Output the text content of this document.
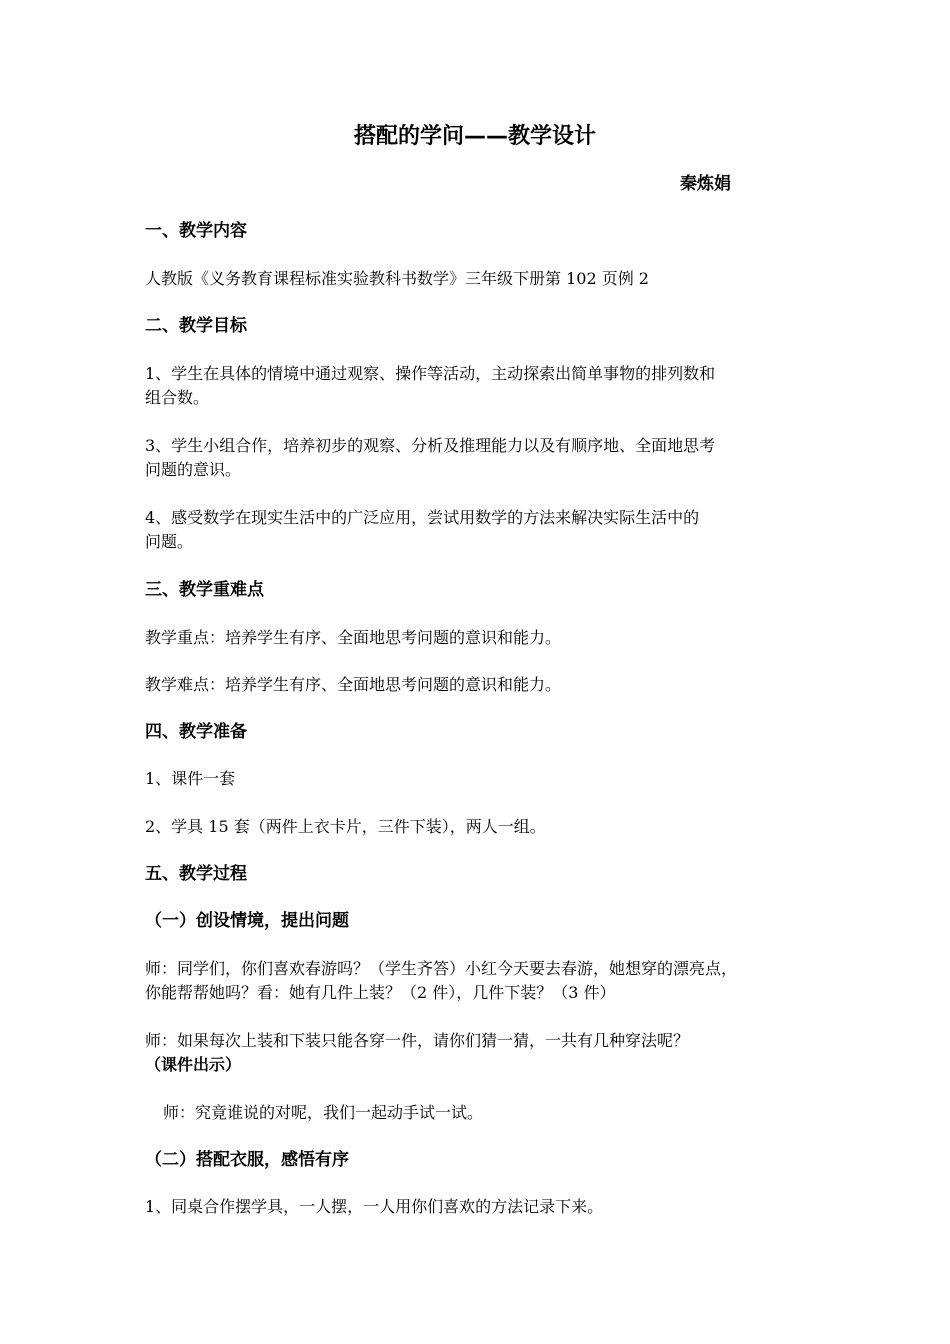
搭配的学问——教学设计
秦炼娟
一、教学内容
人教版《义务教育课程标准实验教科书数学》三年级下册第 102 页例 2
二、教学目标
1、学生在具体的情境中通过观察、操作等活动，主动探索出简单事物的排列数和
组合数。
3、学生小组合作，培养初步的观察、分析及推理能力以及有顺序地、全面地思考
问题的意识。
4、感受数学在现实生活中的广泛应用，尝试用数学的方法来解决实际生活中的
问题。
三、教学重难点
教学重点：培养学生有序、全面地思考问题的意识和能力。
教学难点：培养学生有序、全面地思考问题的意识和能力。
四、教学准备
1、课件一套
2、学具 15 套（两件上衣卡片，三件下装），两人一组。
五、教学过程
（一）创设情境，提出问题
师：同学们，你们喜欢春游吗？（学生齐答）小红今天要去春游，她想穿的漂亮点，
你能帮帮她吗？看：她有几件上装？（2 件），几件下装？（3 件）
师：如果每次上装和下装只能各穿一件，请你们猜一猜，一共有几种穿法呢？
（课件出示）
师：究竟谁说的对呢，我们一起动手试一试。
（二）搭配衣服，感悟有序
1、同桌合作摆学具，一人摆，一人用你们喜欢的方法记录下来。
